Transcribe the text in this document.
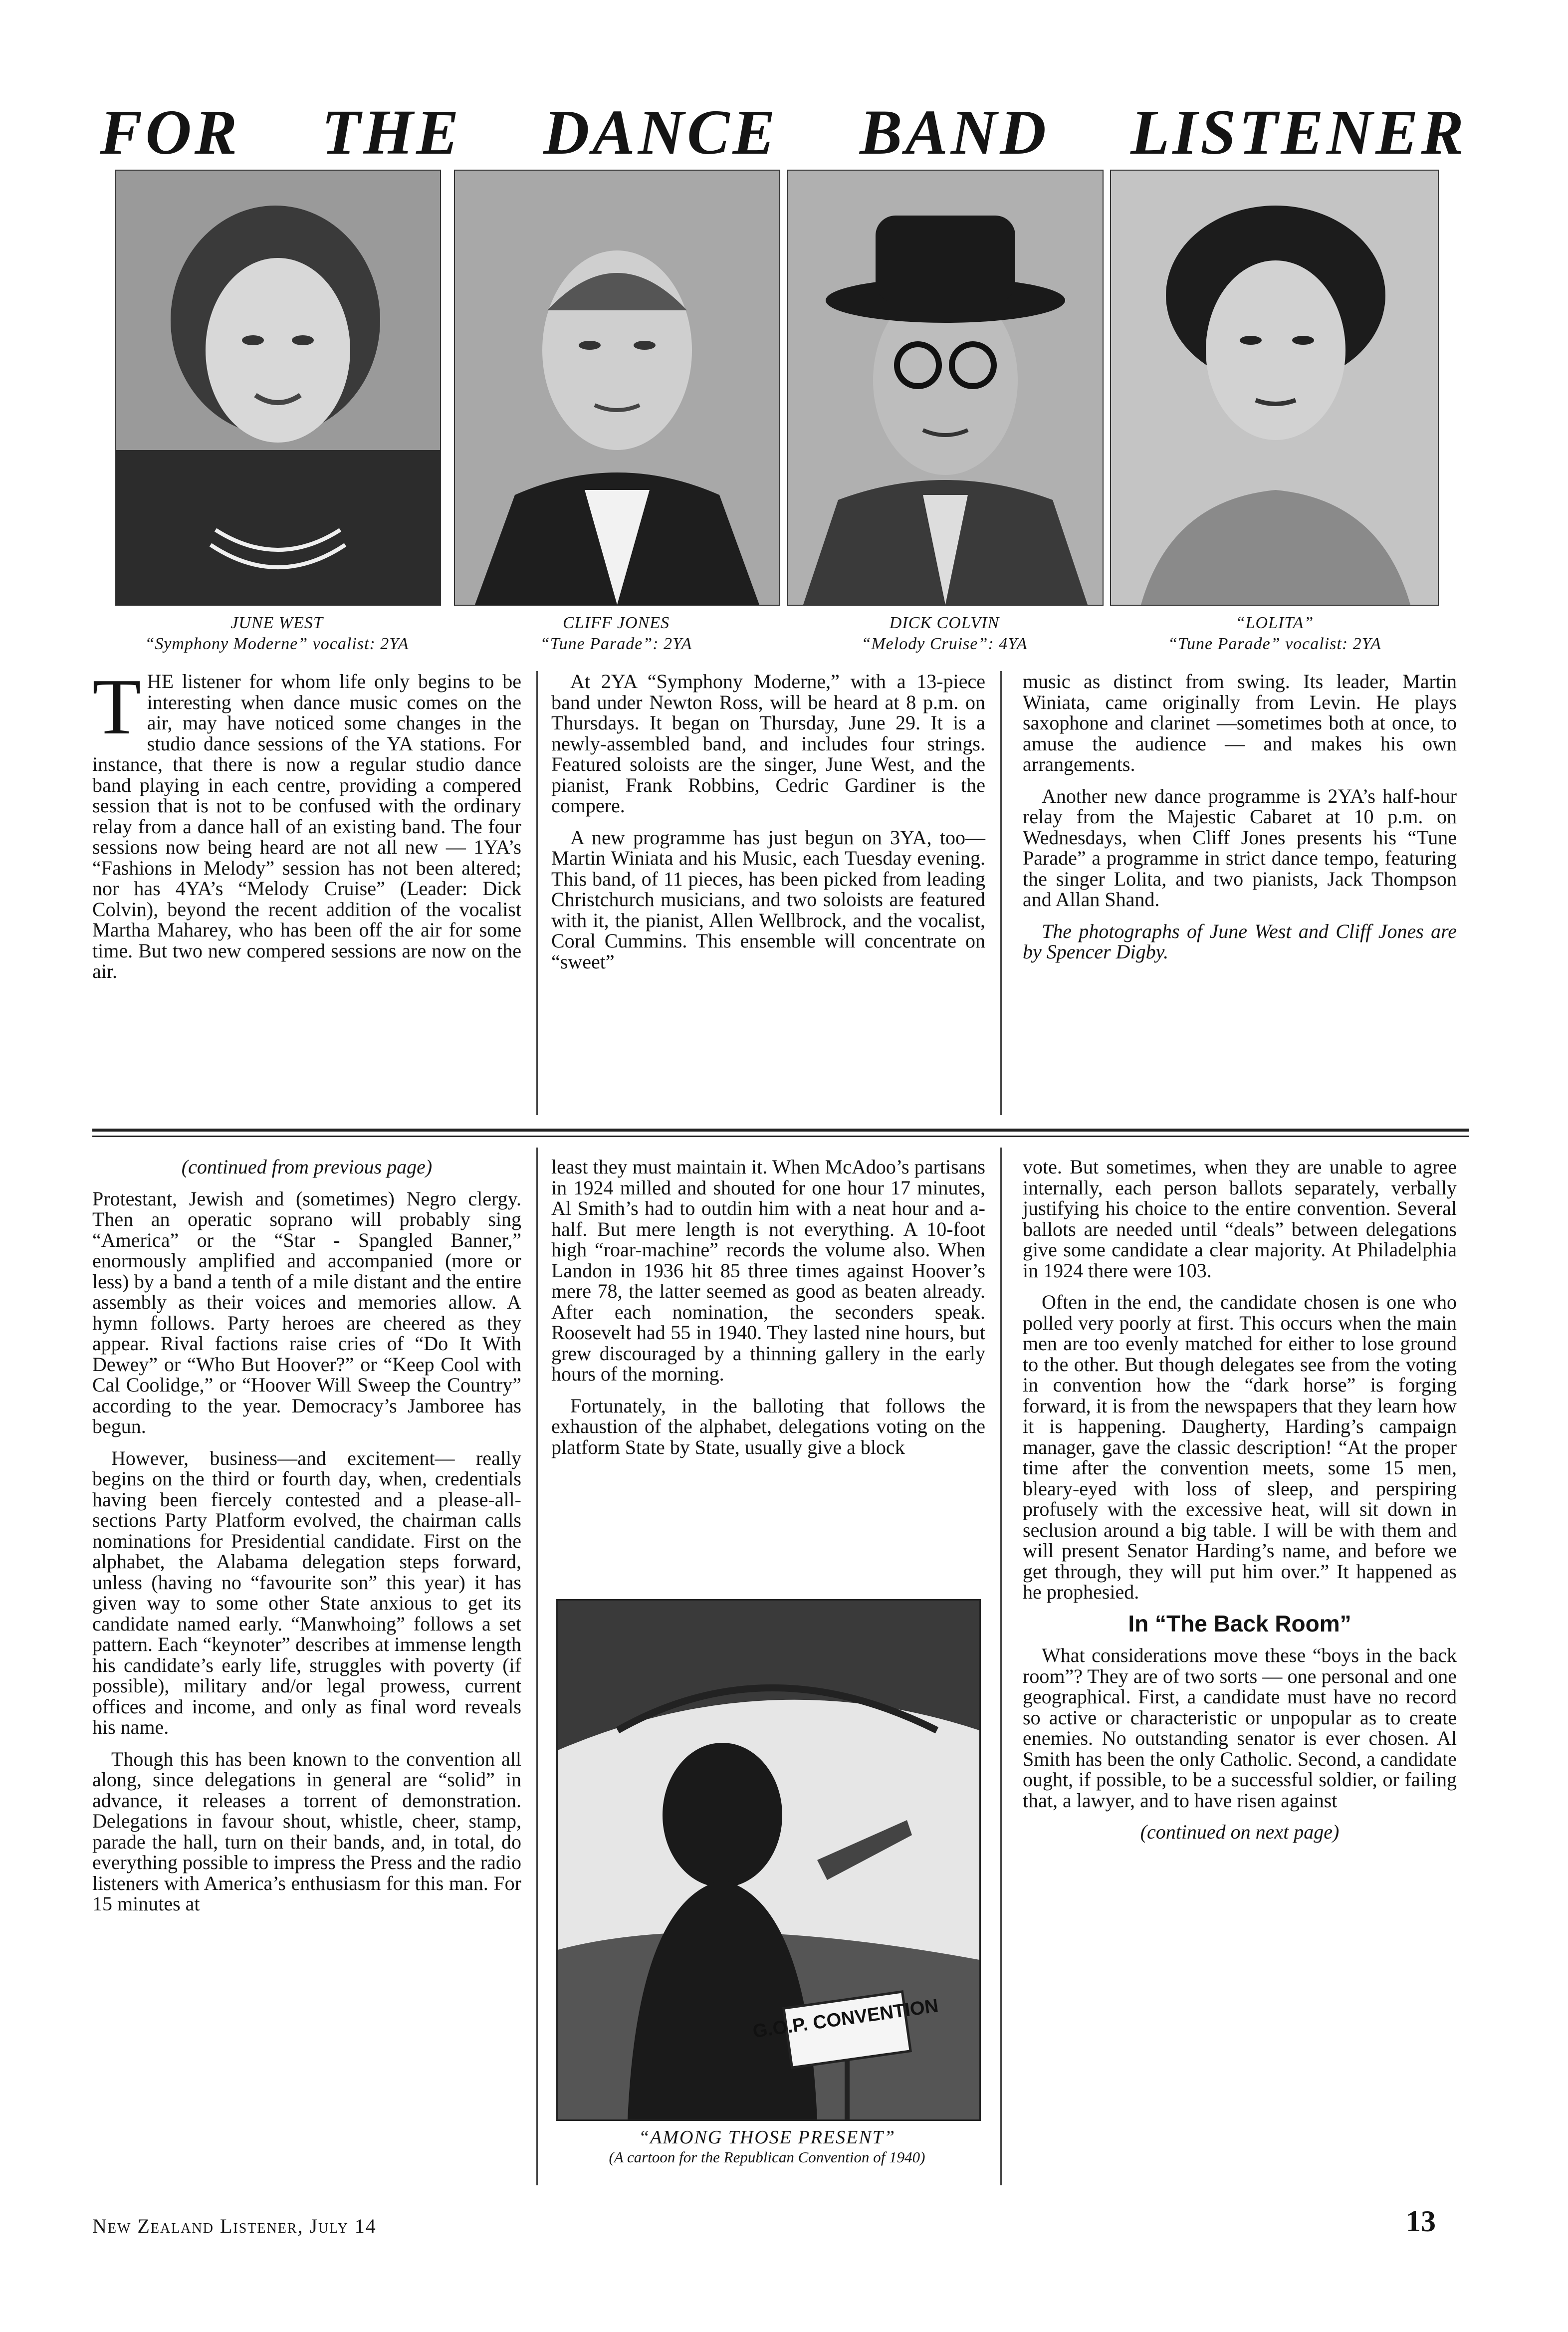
FOR THE DANCE BAND LISTENER
JUNE WEST
“Symphony Moderne” vocalist: 2YA
CLIFF JONES
“Tune Parade”: 2YA
DICK COLVIN
“Melody Cruise”: 4YA
“LOLITA”
“Tune Parade” vocalist: 2YA

THE listener for whom life only begins to be interesting when dance music comes on the air, may have noticed some changes in the studio dance sessions of the YA stations. For instance, that there is now a regular studio dance band playing in each centre, providing a compered session that is not to be confused with the ordinary relay from a dance hall of an existing band. The four sessions now being heard are not all new — 1YA’s “Fashions in Melody” session has not been altered; nor has 4YA’s “Melody Cruise” (Leader: Dick Colvin), beyond the recent addition of the vocalist Martha Maharey, who has been off the air for some time. But two new compered sessions are now on the air.

At 2YA “Symphony Moderne,” with a 13-piece band under Newton Ross, will be heard at 8 p.m. on Thursdays. It began on Thursday, June 29. It is a newly-assembled band, and includes four strings. Featured soloists are the singer, June West, and the pianist, Frank Robbins, Cedric Gardiner is the compere.

A new programme has just begun on 3YA, too—Martin Winiata and his Music, each Tuesday evening. This band, of 11 pieces, has been picked from leading Christchurch musicians, and two soloists are featured with it, the pianist, Allen Wellbrock, and the vocalist, Coral Cummins. This ensemble will concentrate on “sweet”

music as distinct from swing. Its leader, Martin Winiata, came originally from Levin. He plays saxophone and clarinet —sometimes both at once, to amuse the audience — and makes his own arrangements.

Another new dance programme is 2YA’s half-hour relay from the Majestic Cabaret at 10 p.m. on Wednesdays, when Cliff Jones presents his “Tune Parade” a programme in strict dance tempo, featuring the singer Lolita, and two pianists, Jack Thompson and Allan Shand.

The photographs of June West and Cliff Jones are by Spencer Digby.

(continued from previous page)

Protestant, Jewish and (sometimes) Negro clergy. Then an operatic soprano will probably sing “America” or the “Star - Spangled Banner,” enormously amplified and accompanied (more or less) by a band a tenth of a mile distant and the entire assembly as their voices and memories allow. A hymn follows. Party heroes are cheered as they appear. Rival factions raise cries of “Do It With Dewey” or “Who But Hoover?” or “Keep Cool with Cal Coolidge,” or “Hoover Will Sweep the Country” according to the year. Democracy’s Jamboree has begun.

However, business—and excitement— really begins on the third or fourth day, when, credentials having been fiercely contested and a please-all-sections Party Platform evolved, the chairman calls nominations for Presidential candidate. First on the alphabet, the Alabama delegation steps forward, unless (having no “favourite son” this year) it has given way to some other State anxious to get its candidate named early. “Manwhoing” follows a set pattern. Each “keynoter” describes at immense length his candidate’s early life, struggles with poverty (if possible), military and/or legal prowess, current offices and income, and only as final word reveals his name.

Though this has been known to the convention all along, since delegations in general are “solid” in advance, it releases a torrent of demonstration. Delegations in favour shout, whistle, cheer, stamp, parade the hall, turn on their bands, and, in total, do everything possible to impress the Press and the radio listeners with America’s enthusiasm for this man. For 15 minutes at

least they must maintain it. When McAdoo’s partisans in 1924 milled and shouted for one hour 17 minutes, Al Smith’s had to outdin him with a neat hour and a-half. But mere length is not everything. A 10-foot high “roar-machine” records the volume also. When Landon in 1936 hit 85 three times against Hoover’s mere 78, the latter seemed as good as beaten already. After each nomination, the seconders speak. Roosevelt had 55 in 1940. They lasted nine hours, but grew discouraged by a thinning gallery in the early hours of the morning.

Fortunately, in the balloting that follows the exhaustion of the alphabet, delegations voting on the platform State by State, usually give a block

vote. But sometimes, when they are unable to agree internally, each person ballots separately, verbally justifying his choice to the entire convention. Several ballots are needed until “deals” between delegations give some candidate a clear majority. At Philadelphia in 1924 there were 103.

Often in the end, the candidate chosen is one who polled very poorly at first. This occurs when the main men are too evenly matched for either to lose ground to the other. But though delegates see from the voting in convention how the “dark horse” is forging forward, it is from the newspapers that they learn how it is happening. Daugherty, Harding’s campaign manager, gave the classic description! “At the proper time after the convention meets, some 15 men, bleary-eyed with loss of sleep, and perspiring profusely with the excessive heat, will sit down in seclusion around a big table. I will be with them and will present Senator Harding’s name, and before we get through, they will put him over.” It happened as he prophesied.

In “The Back Room”

What considerations move these “boys in the back room”? They are of two sorts — one personal and one geographical. First, a candidate must have no record so active or characteristic or unpopular as to create enemies. No outstanding senator is ever chosen. Al Smith has been the only Catholic. Second, a candidate ought, if possible, to be a successful soldier, or failing that, a lawyer, and to have risen against

(continued on next page)

G.O.P. CONVENTION
“AMONG THOSE PRESENT”
(A cartoon for the Republican Convention of 1940)
New Zealand Listener, July 14	13
